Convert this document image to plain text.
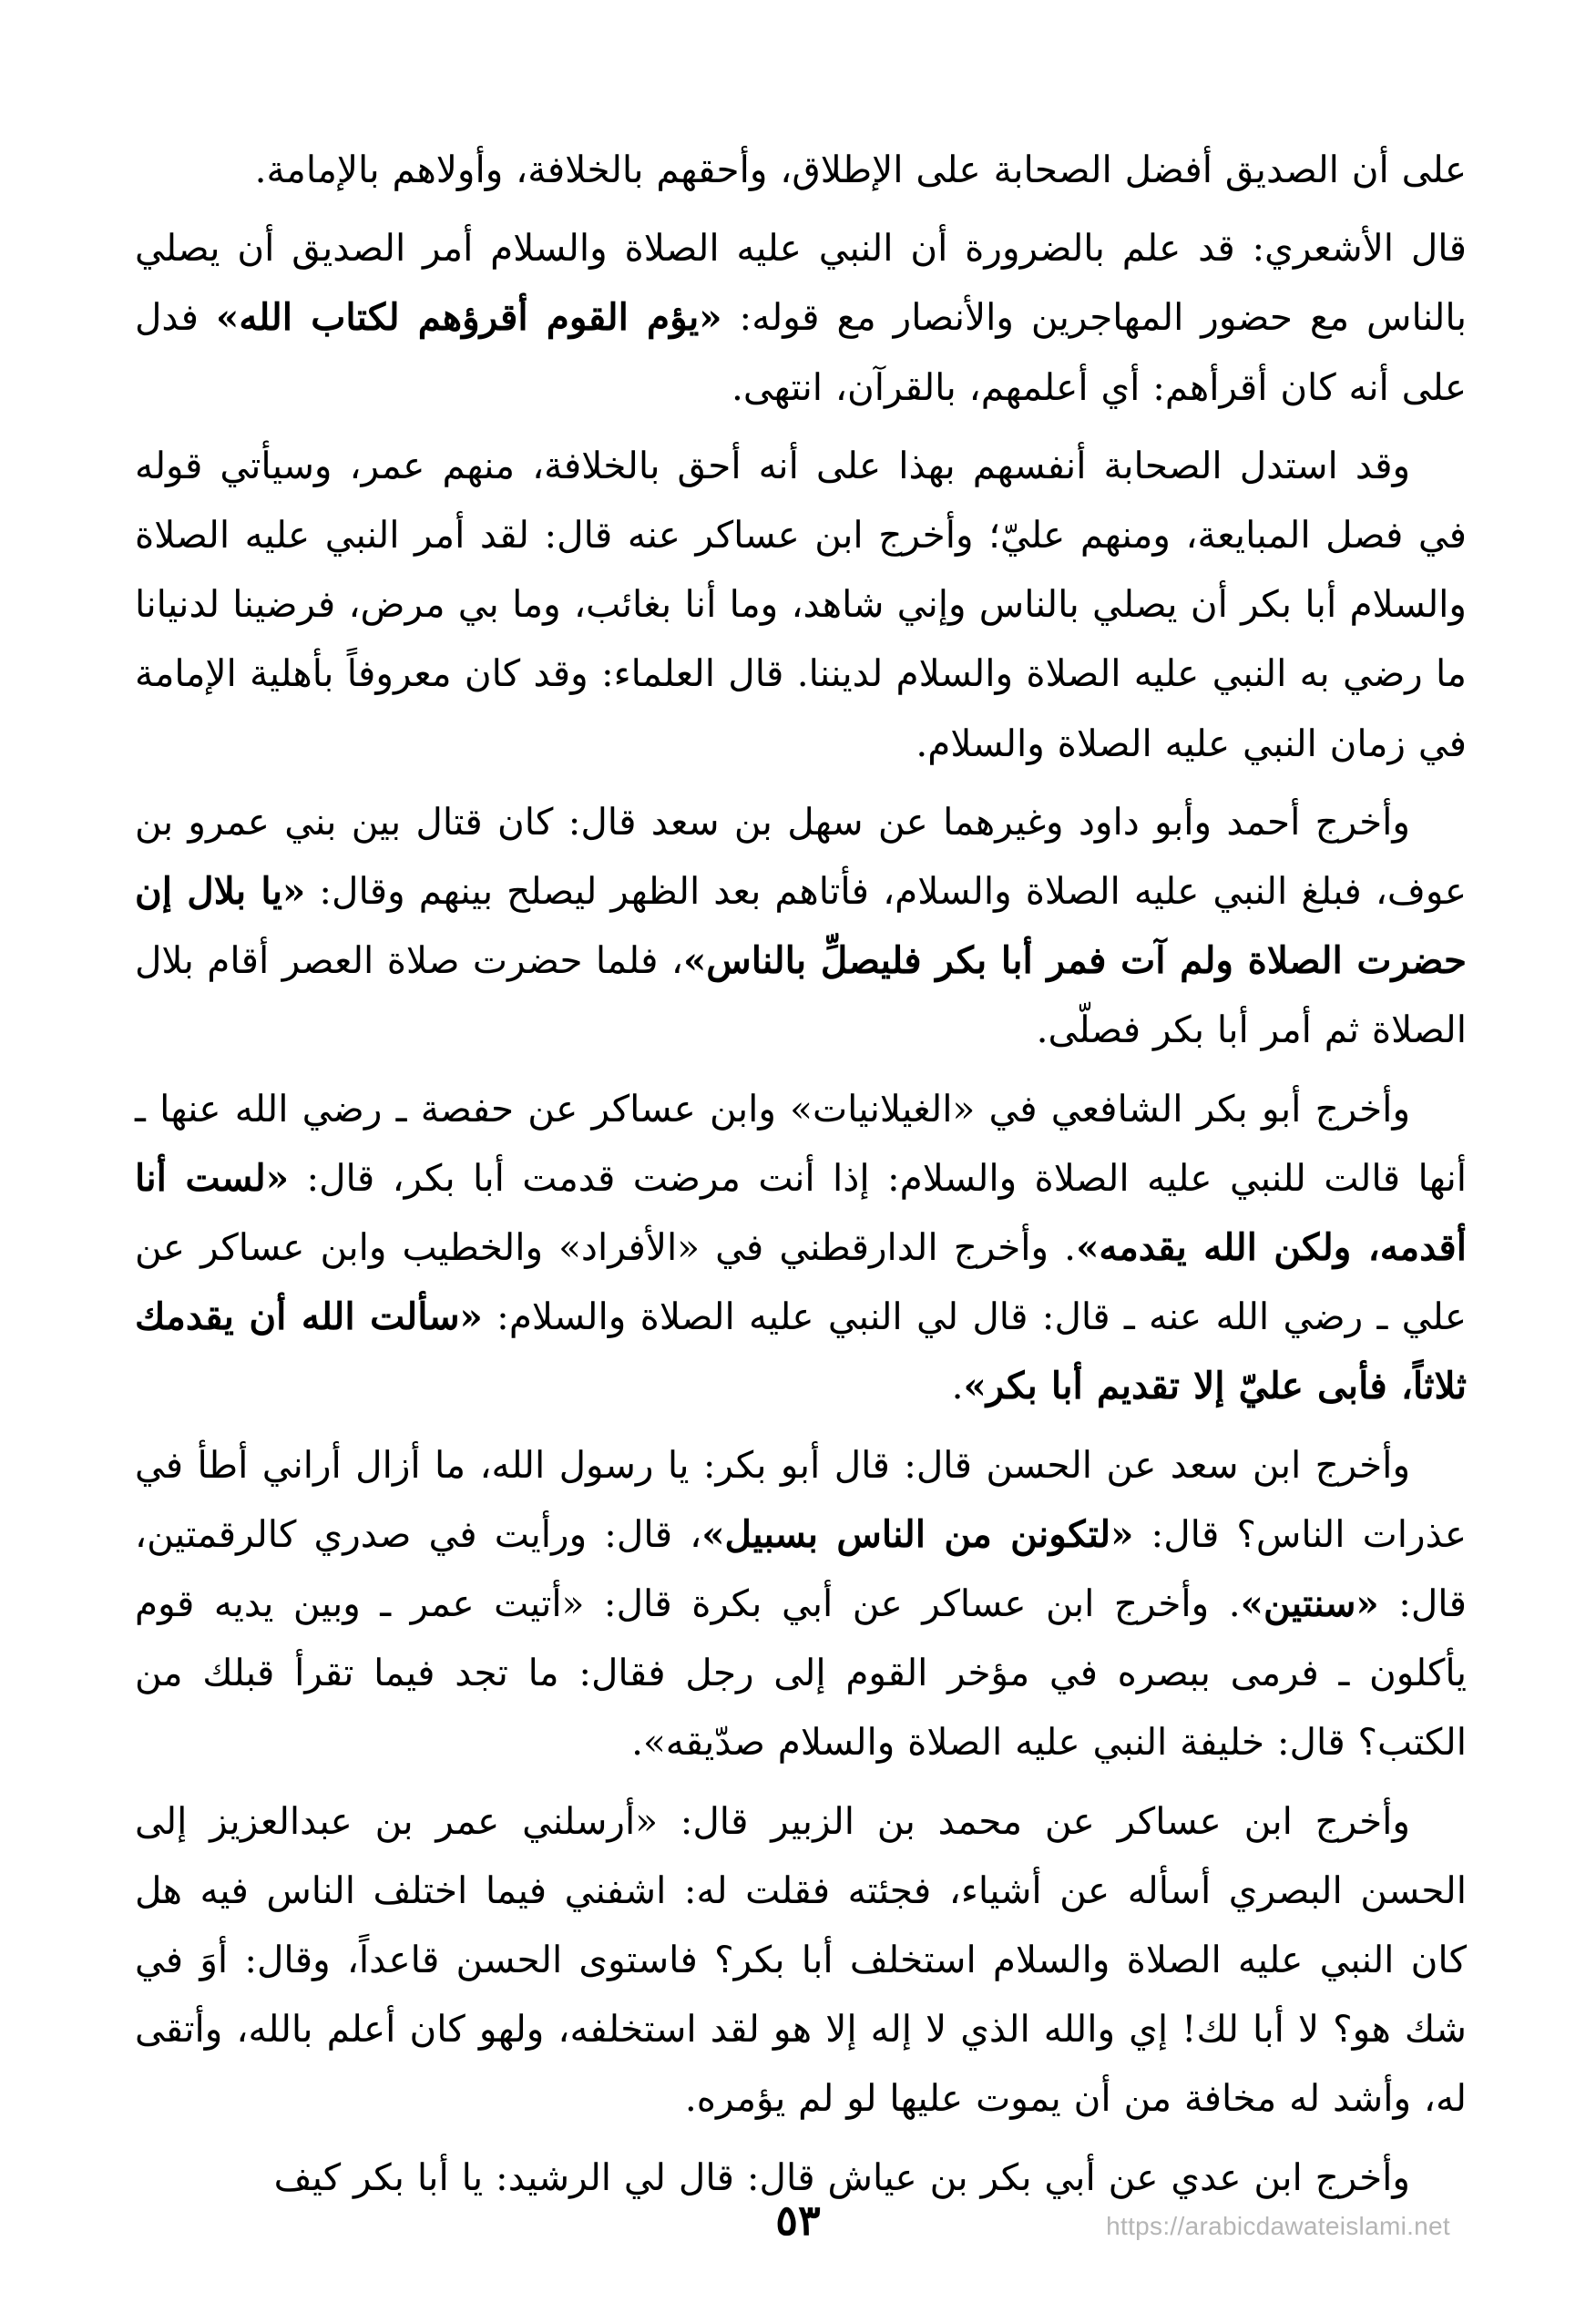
على أن الصديق أفضل الصحابة على الإطلاق، وأحقهم بالخلافة، وأولاهم بالإمامة.

قال الأشعري: قد علم بالضرورة أن النبي عليه الصلاة والسلام أمر الصديق أن يصلي بالناس مع حضور المهاجرين والأنصار مع قوله: «يؤم القوم أقرؤهم لكتاب الله» فدل على أنه كان أقرأهم: أي أعلمهم، بالقرآن، انتهى.

وقد استدل الصحابة أنفسهم بهذا على أنه أحق بالخلافة، منهم عمر، وسيأتي قوله في فصل المبايعة، ومنهم عليّ؛ وأخرج ابن عساكر عنه قال: لقد أمر النبي عليه الصلاة والسلام أبا بكر أن يصلي بالناس وإني شاهد، وما أنا بغائب، وما بي مرض، فرضينا لدنيانا ما رضي به النبي عليه الصلاة والسلام لديننا. قال العلماء: وقد كان معروفاً بأهلية الإمامة في زمان النبي عليه الصلاة والسلام.

وأخرج أحمد وأبو داود وغيرهما عن سهل بن سعد قال: كان قتال بين بني عمرو بن عوف، فبلغ النبي عليه الصلاة والسلام، فأتاهم بعد الظهر ليصلح بينهم وقال: «يا بلال إن حضرت الصلاة ولم آت فمر أبا بكر فليصلِّ بالناس»، فلما حضرت صلاة العصر أقام بلال الصلاة ثم أمر أبا بكر فصلّى.

وأخرج أبو بكر الشافعي في «الغيلانيات» وابن عساكر عن حفصة ـ رضي الله عنها ـ أنها قالت للنبي عليه الصلاة والسلام: إذا أنت مرضت قدمت أبا بكر، قال: «لست أنا أقدمه، ولكن الله يقدمه». وأخرج الدارقطني في «الأفراد» والخطيب وابن عساكر عن علي ـ رضي الله عنه ـ قال: قال لي النبي عليه الصلاة والسلام: «سألت الله أن يقدمك ثلاثاً، فأبى عليّ إلا تقديم أبا بكر».

وأخرج ابن سعد عن الحسن قال: قال أبو بكر: يا رسول الله، ما أزال أراني أطأ في عذرات الناس؟ قال: «لتكونن من الناس بسبيل»، قال: ورأيت في صدري كالرقمتين، قال: «سنتين». وأخرج ابن عساكر عن أبي بكرة قال: «أتيت عمر ـ وبين يديه قوم يأكلون ـ فرمى ببصره في مؤخر القوم إلى رجل فقال: ما تجد فيما تقرأ قبلك من الكتب؟ قال: خليفة النبي عليه الصلاة والسلام صدّيقه».

وأخرج ابن عساكر عن محمد بن الزبير قال: «أرسلني عمر بن عبدالعزيز إلى الحسن البصري أسأله عن أشياء، فجئته فقلت له: اشفني فيما اختلف الناس فيه هل كان النبي عليه الصلاة والسلام استخلف أبا بكر؟ فاستوى الحسن قاعداً، وقال: أوَ في شك هو؟ لا أبا لك! إي والله الذي لا إله إلا هو لقد استخلفه، ولهو كان أعلم بالله، وأتقى له، وأشد له مخافة من أن يموت عليها لو لم يؤمره.

وأخرج ابن عدي عن أبي بكر بن عياش قال: قال لي الرشيد: يا أبا بكر كيف

٥٣	https://arabicdawateislami.net
